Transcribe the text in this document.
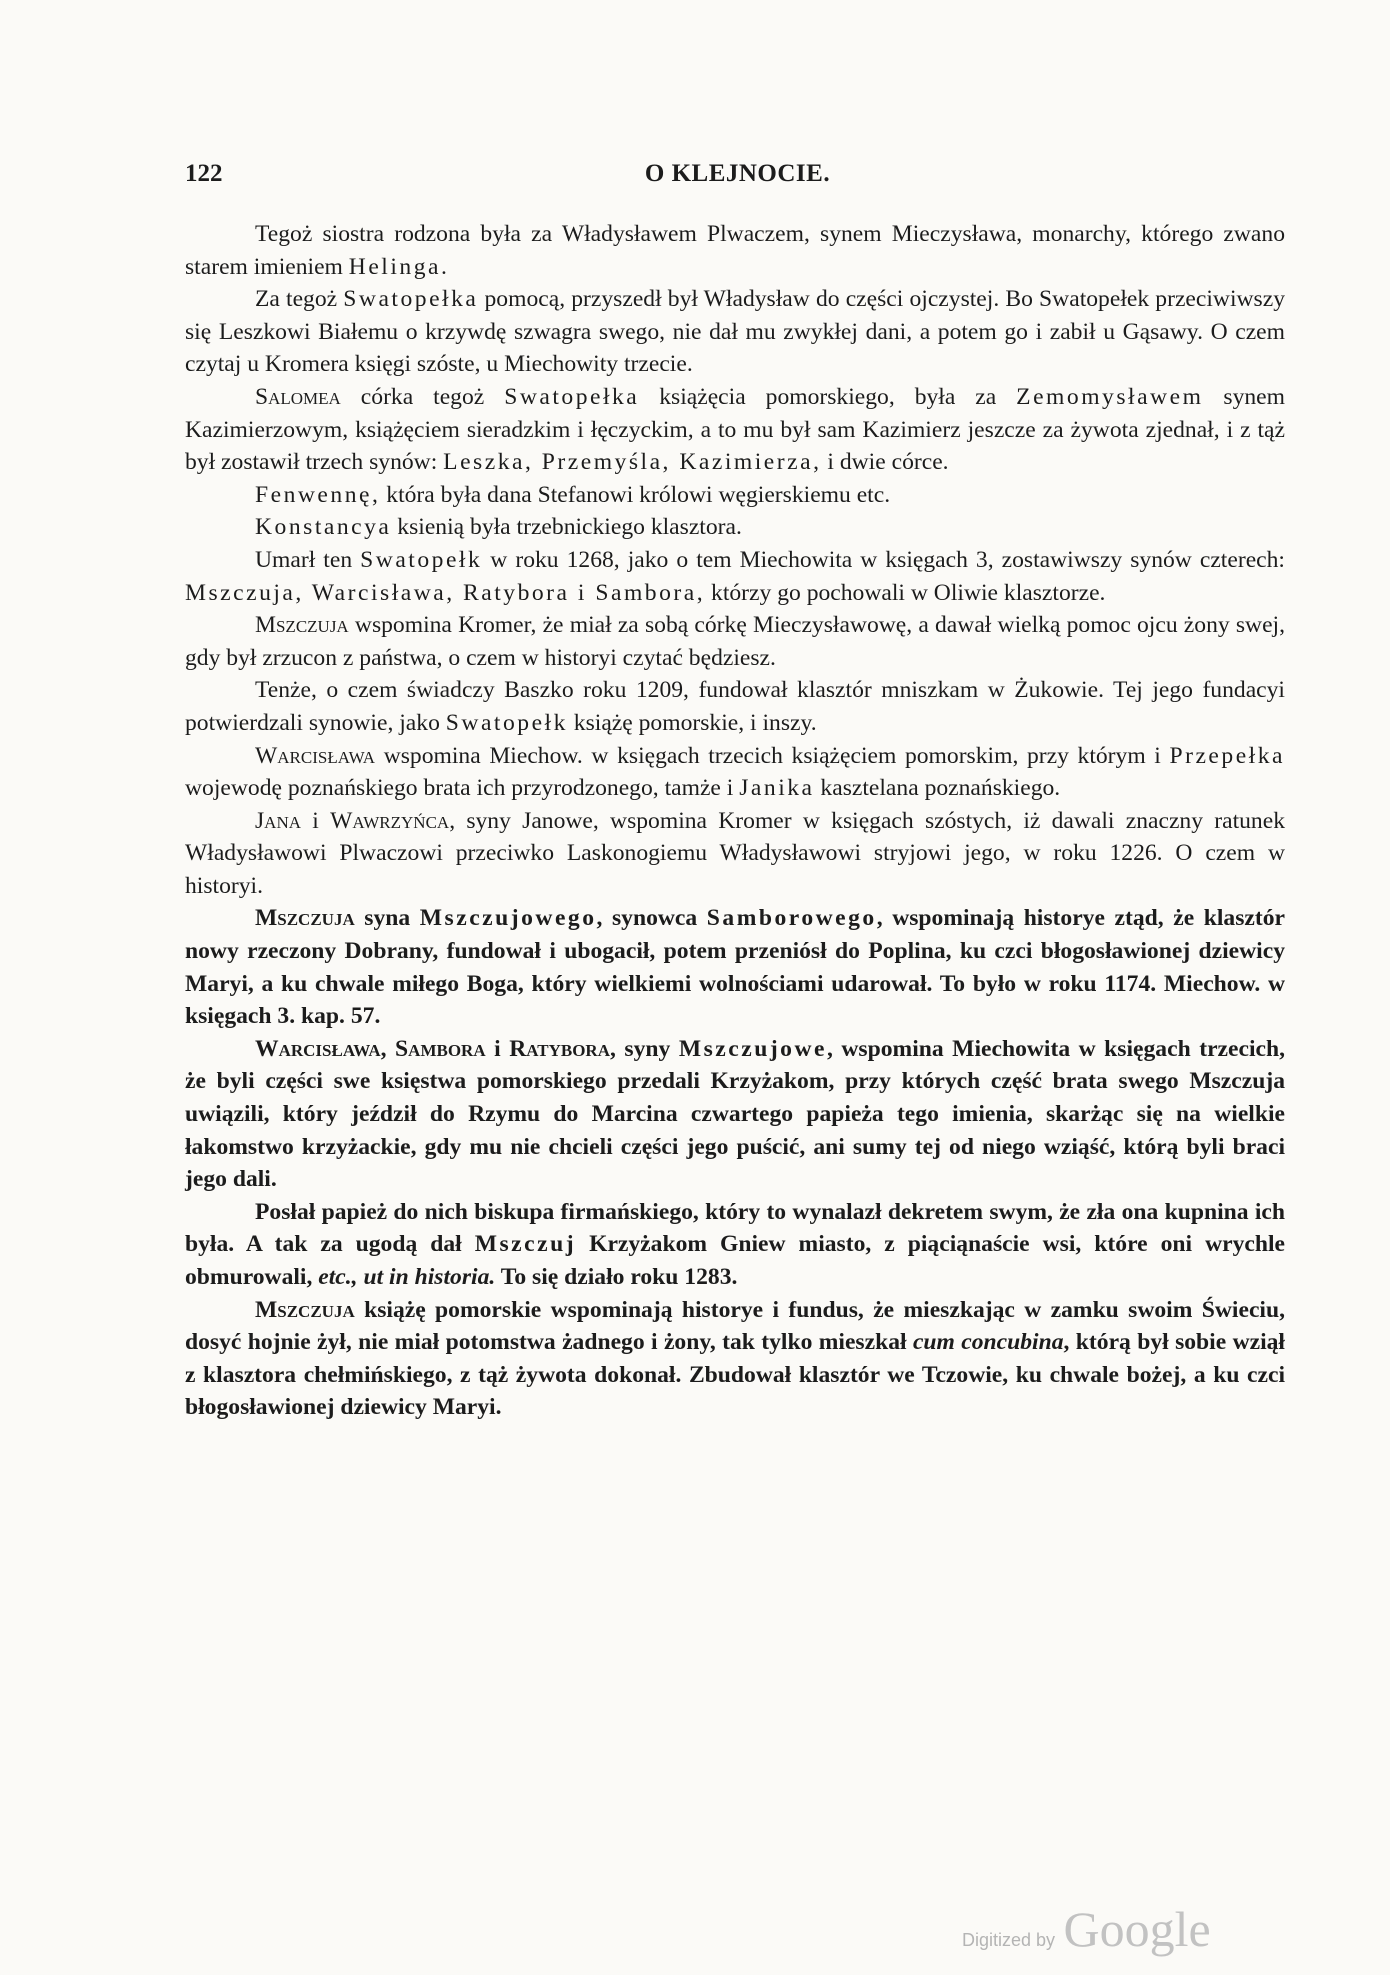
122	O KLEJNOCIE.

Tegoż siostra rodzona była za Władysławem Plwaczem, synem Mieczysława, monarchy, którego zwano starem imieniem Helinga.

Za tegoż Swatopełka pomocą, przyszedł był Władysław do części ojczystej. Bo Swatopełek przeciwiwszy się Leszkowi Białemu o krzywdę szwagra swego, nie dał mu zwykłej dani, a potem go i zabił u Gąsawy. O czem czytaj u Kromera księgi szóste, u Miechowity trzecie.

Salomea córka tegoż Swatopełka książęcia pomorskiego, była za Zemomysławem synem Kazimierzowym, książęciem sieradzkim i łęczyckim, a to mu był sam Kazimierz jeszcze za żywota zjednał, i z tąż był zostawił trzech synów: Leszka, Przemyśla, Kazimierza, i dwie córce.

Fenwennę, która była dana Stefanowi królowi węgierskiemu etc.

Konstancya ksienią była trzebnickiego klasztora.

Umarł ten Swatopełk w roku 1268, jako o tem Miechowita w księgach 3, zostawiwszy synów czterech: Mszczuja, Warcisława, Ratybora i Sambora, którzy go pochowali w Oliwie klasztorze.

Mszczuja wspomina Kromer, że miał za sobą córkę Mieczysławowę, a dawał wielką pomoc ojcu żony swej, gdy był zrzucon z państwa, o czem w historyi czytać będziesz.

Tenże, o czem świadczy Baszko roku 1209, fundował klasztór mniszkam w Żukowie. Tej jego fundacyi potwierdzali synowie, jako Swatopełk książę pomorskie, i inszy.

Warcisława wspomina Miechow. w księgach trzecich książęciem pomorskim, przy którym i Przepełka wojewodę poznańskiego brata ich przyrodzonego, tamże i Janika kasztelana poznańskiego.

Jana i Wawrzyńca, syny Janowe, wspomina Kromer w księgach szóstych, iż dawali znaczny ratunek Władysławowi Plwaczowi przeciwko Laskonogiemu Władysławowi stryjowi jego, w roku 1226. O czem w historyi.

Mszczuja syna Mszczujowego, synowca Samborowego, wspominają historye ztąd, że klasztór nowy rzeczony Dobrany, fundował i ubogacił, potem przeniósł do Poplina, ku czci błogosławionej dziewicy Maryi, a ku chwale miłego Boga, który wielkiemi wolnościami udarował. To było w roku 1174. Miechow. w księgach 3. kap. 57.

Warcisława, Sambora i Ratybora, syny Mszczujowe, wspomina Miechowita w księgach trzecich, że byli części swe księstwa pomorskiego przedali Krzyżakom, przy których część brata swego Mszczuja uwiązili, który jeździł do Rzymu do Marcina czwartego papieża tego imienia, skarżąc się na wielkie łakomstwo krzyżackie, gdy mu nie chcieli części jego puścić, ani sumy tej od niego wziąść, którą byli braci jego dali.

Posłał papież do nich biskupa firmańskiego, który to wynalazł dekretem swym, że zła ona kupnina ich była. A tak za ugodą dał Mszczuj Krzyżakom Gniew miasto, z piąciąnaście wsi, które oni wrychle obmurowali, etc., ut in historia. To się działo roku 1283.

Mszczuja książę pomorskie wspominają historye i fundus, że mieszkając w zamku swoim Świeciu, dosyć hojnie żył, nie miał potomstwa żadnego i żony, tak tylko mieszkał cum concubina, którą był sobie wziął z klasztora chełmińskiego, z tąż żywota dokonał. Zbudował klasztór we Tczowie, ku chwale bożej, a ku czci błogosławionej dziewicy Maryi.

Digitized by Google
